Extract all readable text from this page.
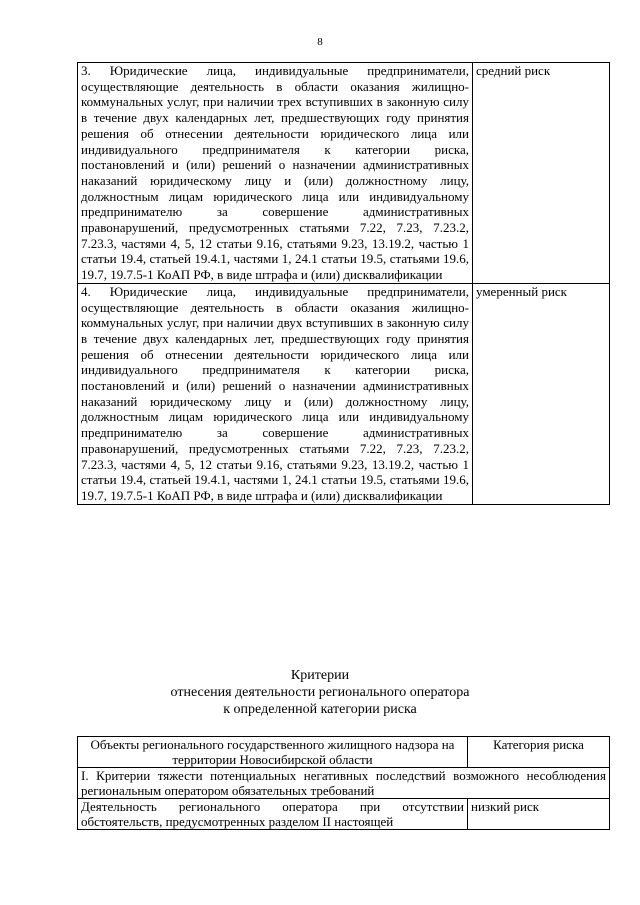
8
3. Юридические лица, индивидуальные предприниматели, осуществляющие деятельность в области оказания жилищно-коммунальных услуг, при наличии трех вступивших в законную силу в течение двух календарных лет, предшествующих году принятия решения об отнесении деятельности юридического лица или индивидуального предпринимателя к категории риска, постановлений и (или) решений о назначении административных наказаний юридическому лицу и (или) должностному лицу, должностным лицам юридического лица или индивидуальному предпринимателю за совершение административных правонарушений, предусмотренных статьями 7.22, 7.23, 7.23.2, 7.23.3, частями 4, 5, 12 статьи 9.16, статьями 9.23, 13.19.2, частью 1 статьи 19.4, статьей 19.4.1, частями 1, 24.1 статьи 19.5, статьями 19.6, 19.7, 19.7.5-1 КоАП РФ, в виде штрафа и (или) дисквалификации	средний риск
4. Юридические лица, индивидуальные предприниматели, осуществляющие деятельность в области оказания жилищно-коммунальных услуг, при наличии двух вступивших в законную силу в течение двух календарных лет, предшествующих году принятия решения об отнесении деятельности юридического лица или индивидуального предпринимателя к категории риска, постановлений и (или) решений о назначении административных наказаний юридическому лицу и (или) должностному лицу, должностным лицам юридического лица или индивидуальному предпринимателю за совершение административных правонарушений, предусмотренных статьями 7.22, 7.23, 7.23.2, 7.23.3, частями 4, 5, 12 статьи 9.16, статьями 9.23, 13.19.2, частью 1 статьи 19.4, статьей 19.4.1, частями 1, 24.1 статьи 19.5, статьями 19.6, 19.7, 19.7.5-1 КоАП РФ, в виде штрафа и (или) дисквалификации	умеренный риск
Критерии
отнесения деятельности регионального оператора
к определенной категории риска
Объекты регионального государственного жилищного надзора на территории Новосибирской области	Категория риска
I. Критерии тяжести потенциальных негативных последствий возможного несоблюдения региональным оператором обязательных требований	

Деятельность регионального оператора при отсутствии обстоятельств, предусмотренных разделом II настоящей	низкий риск
